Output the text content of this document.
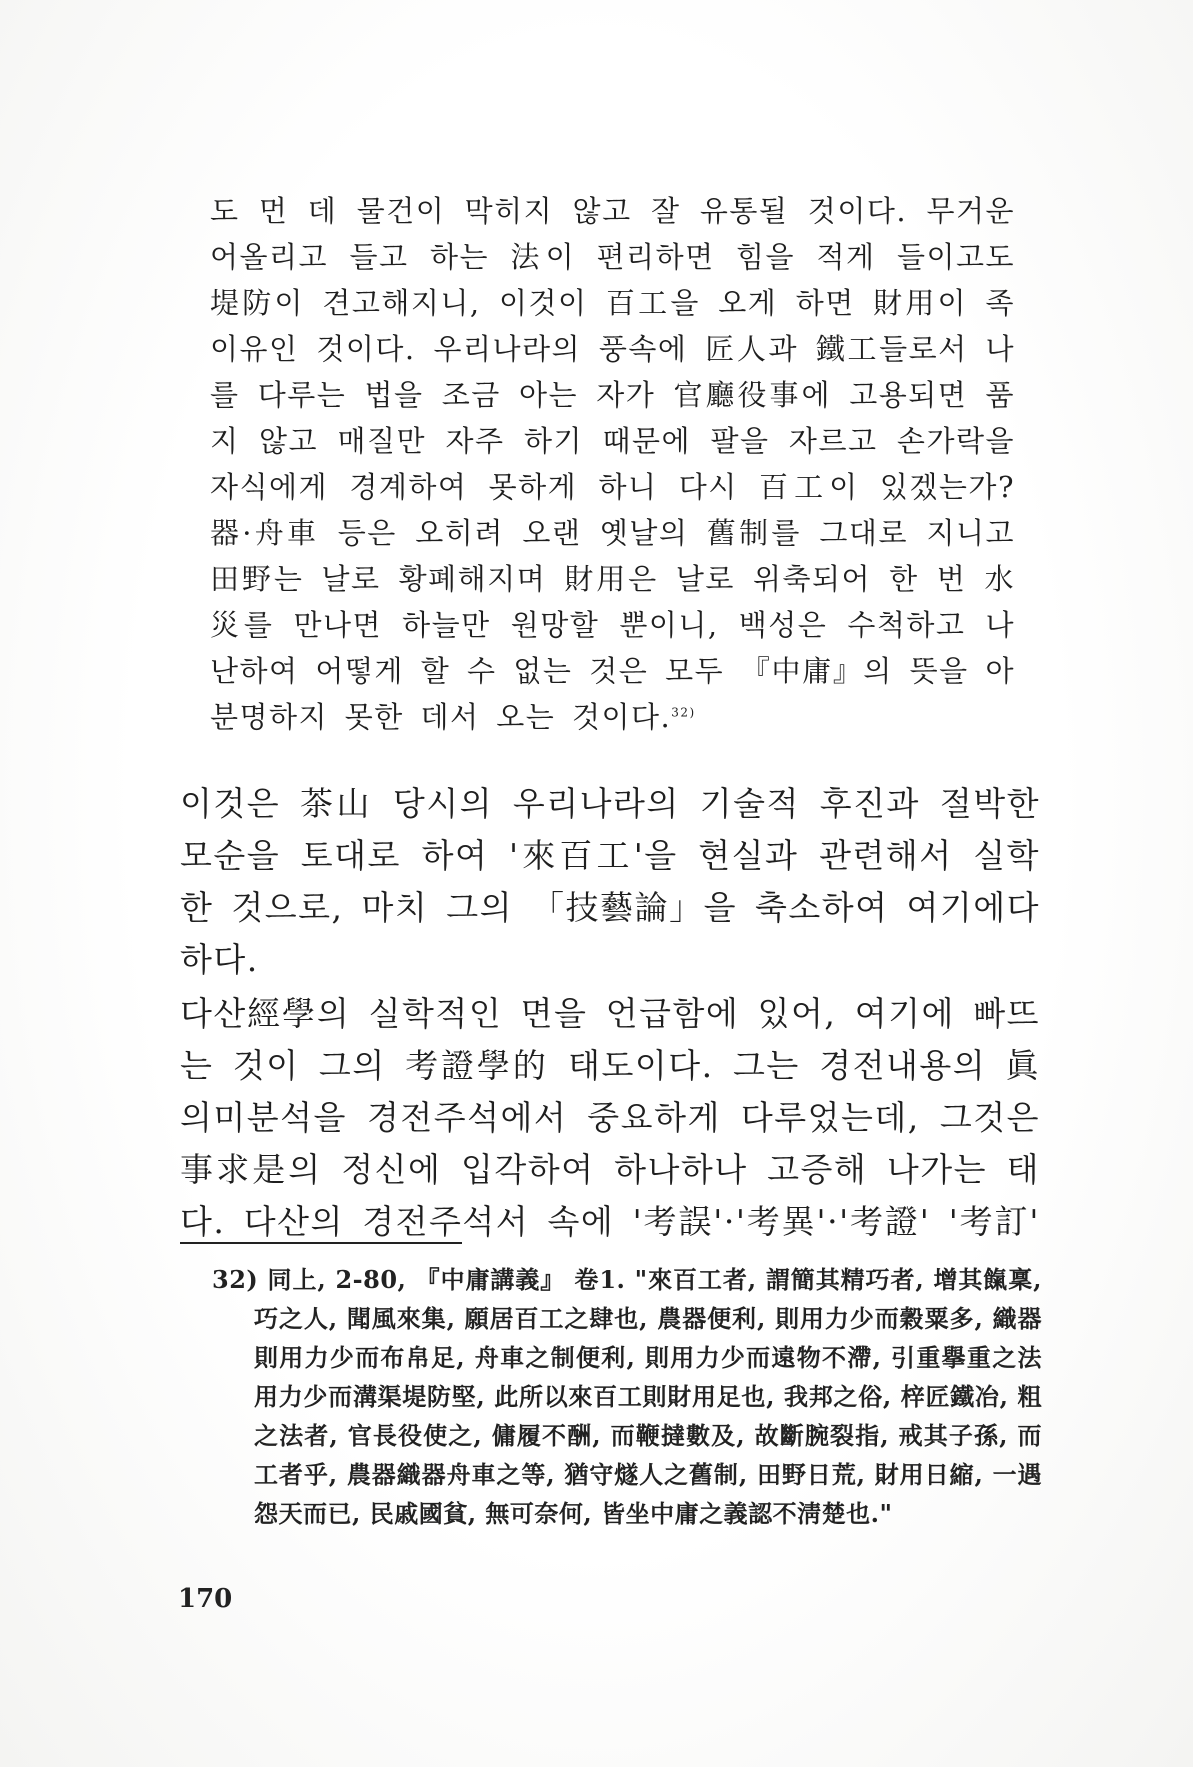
도 먼 데 물건이 막히지 않고 잘 유통될 것이다. 무거운
어올리고 들고 하는 法이 편리하면 힘을 적게 들이고도
堤防이 견고해지니, 이것이 百工을 오게 하면 財用이 족
이유인 것이다. 우리나라의 풍속에 匠人과 鐵工들로서 나
를 다루는 법을 조금 아는 자가 官廳役事에 고용되면 품
지 않고 매질만 자주 하기 때문에 팔을 자르고 손가락을
자식에게 경계하여 못하게 하니 다시 百工이 있겠는가?
器·舟車 등은 오히려 오랜 옛날의 舊制를 그대로 지니고
田野는 날로 황폐해지며 財用은 날로 위축되어 한 번 水
災를 만나면 하늘만 원망할 뿐이니, 백성은 수척하고 나
난하여 어떻게 할 수 없는 것은 모두 『中庸』의 뜻을 아
분명하지 못한 데서 오는 것이다.$^{32)}$
이것은 茶山 당시의 우리나라의 기술적 후진과 절박한
모순을 토대로 하여 '來百工'을 현실과 관련해서 실학
한 것으로, 마치 그의 「技藝論」을 축소하여 여기에다
하다.
다산經學의 실학적인 면을 언급함에 있어, 여기에 빠뜨
는 것이 그의 考證學的 태도이다. 그는 경전내용의 眞
의미분석을 경전주석에서 중요하게 다루었는데, 그것은
事求是의 정신에 입각하여 하나하나 고증해 나가는 태
다. 다산의 경전주석서 속에 '考誤'·'考異'·'考證' '考訂'
32) 同上, 2-80, 『中庸講義』 卷1. "來百工者, 謂簡其精巧者, 增其餼稟,
巧之人, 聞風來集, 願居百工之肆也, 農器便利, 則用力少而穀粟多, 織器
則用力少而布帛足, 舟車之制便利, 則用力少而遠物不滯, 引重擧重之法
用力少而溝渠堤防堅, 此所以來百工則財用足也, 我邦之俗, 梓匠鐵冶, 粗
之法者, 官長役使之, 傭履不酬, 而鞭撻數及, 故斷腕裂指, 戒其子孫, 而
工者乎, 農器織器舟車之等, 猶守燧人之舊制, 田野日荒, 財用日縮, 一遇
怨天而已, 民戚國貧, 無可奈何, 皆坐中庸之義認不淸楚也."
170
